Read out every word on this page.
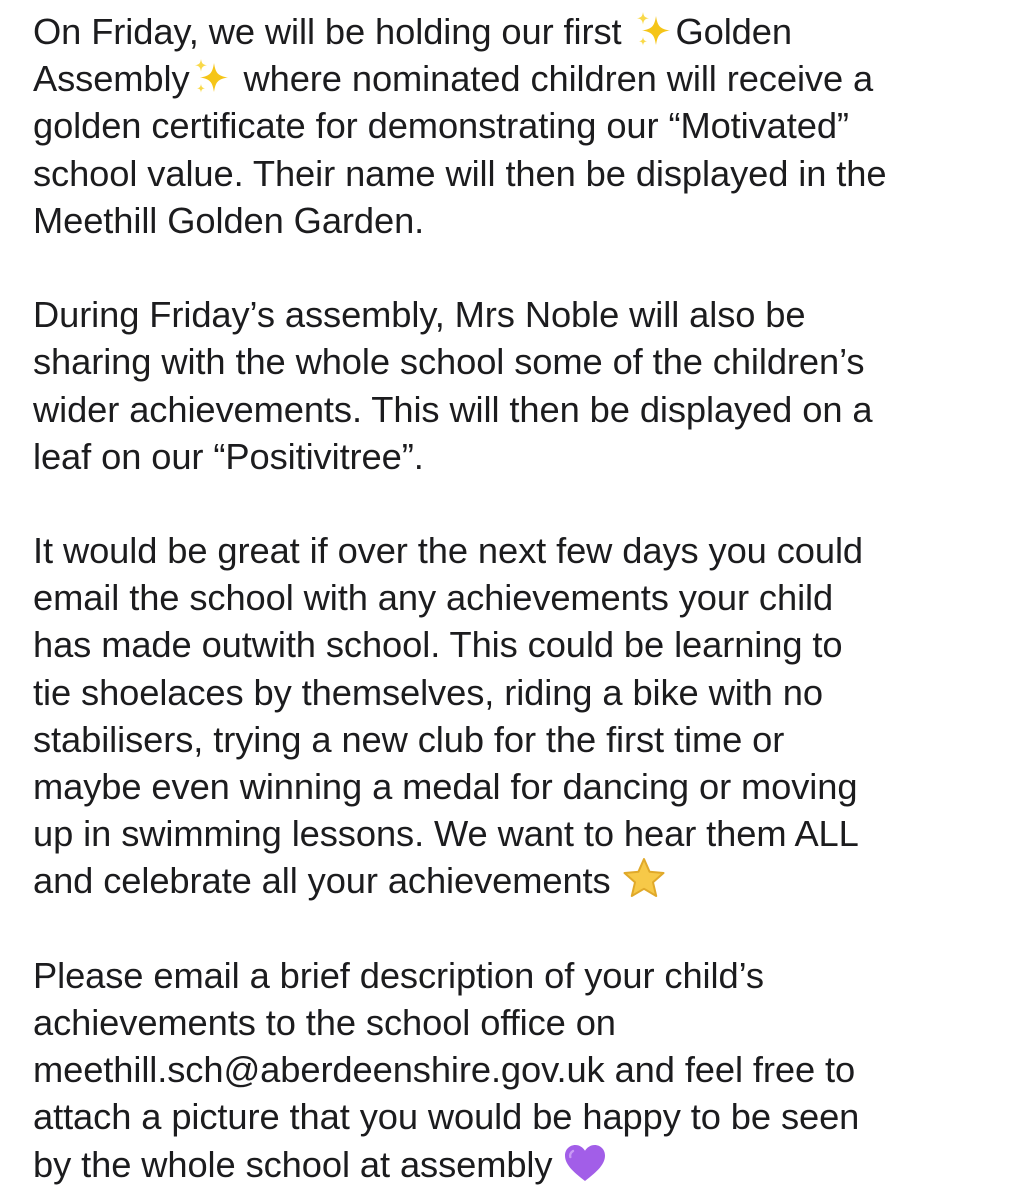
On Friday, we will be holding our first
Golden
Assembly
where nominated children will receive a
golden certificate for demonstrating our “Motivated”
school value. Their name will then be displayed in the
Meethill Golden Garden.
During Friday’s assembly, Mrs Noble will also be
sharing with the whole school some of the children’s
wider achievements. This will then be displayed on a
leaf on our “Positivitree”.
It would be great if over the next few days you could
email the school with any achievements your child
has made outwith school. This could be learning to
tie shoelaces by themselves, riding a bike with no
stabilisers, trying a new club for the first time or
maybe even winning a medal for dancing or moving
up in swimming lessons. We want to hear them ALL
and celebrate all your achievements
Please email a brief description of your child’s
achievements to the school office on
meethill.sch@aberdeenshire.gov.uk and feel free to
attach a picture that you would be happy to be seen
by the whole school at assembly
